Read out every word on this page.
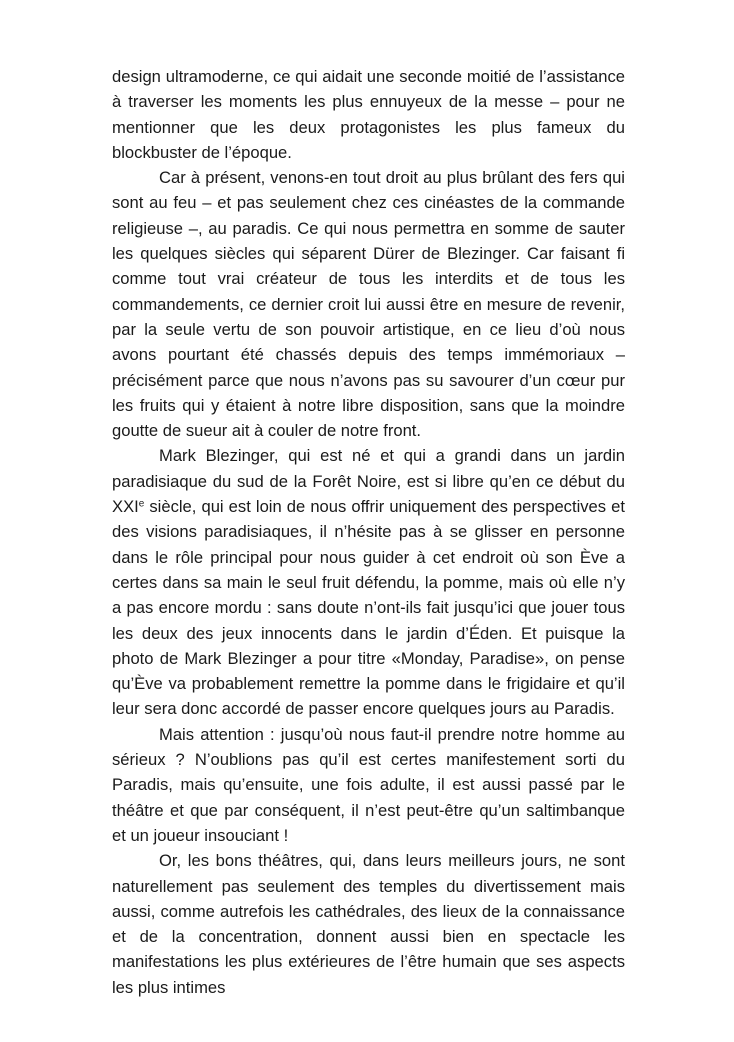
design ultramoderne, ce qui aidait une seconde moitié de l’assistance à traverser les moments les plus ennuyeux de la messe – pour ne mentionner que les deux protagonistes les plus fameux du blockbuster de l’époque.

Car à présent, venons-en tout droit au plus brûlant des fers qui sont au feu – et pas seulement chez ces cinéastes de la commande religieuse –, au paradis. Ce qui nous permettra en somme de sauter les quelques siècles qui séparent Dürer de Blezinger. Car faisant fi comme tout vrai créateur de tous les interdits et de tous les commandements, ce dernier croit lui aussi être en mesure de revenir, par la seule vertu de son pouvoir artistique, en ce lieu d’où nous avons pourtant été chassés depuis des temps immémoriaux – précisément parce que nous n’avons pas su savourer d’un cœur pur les fruits qui y étaient à notre libre disposition, sans que la moindre goutte de sueur ait à couler de notre front.

Mark Blezinger, qui est né et qui a grandi dans un jardin paradisiaque du sud de la Forêt Noire, est si libre qu’en ce début du XXIe siècle, qui est loin de nous offrir uniquement des perspectives et des visions paradisiaques, il n’hésite pas à se glisser en personne dans le rôle principal pour nous guider à cet endroit où son Ève a certes dans sa main le seul fruit défendu, la pomme, mais où elle n’y a pas encore mordu : sans doute n’ont-ils fait jusqu’ici que jouer tous les deux des jeux innocents dans le jardin d’Éden. Et puisque la photo de Mark Blezinger a pour titre «Monday, Paradise», on pense qu’Ève va probablement remettre la pomme dans le frigidaire et qu’il leur sera donc accordé de passer encore quelques jours au Paradis.

Mais attention : jusqu’où nous faut-il prendre notre homme au sérieux ? N’oublions pas qu’il est certes manifestement sorti du Paradis, mais qu’ensuite, une fois adulte, il est aussi passé par le théâtre et que par conséquent, il n’est peut-être qu’un saltimbanque et un joueur insouciant !

Or, les bons théâtres, qui, dans leurs meilleurs jours, ne sont naturellement pas seulement des temples du divertissement mais aussi, comme autrefois les cathédrales, des lieux de la connaissance et de la concentration, donnent aussi bien en spectacle les manifestations les plus extérieures de l’être humain que ses aspects les plus intimes
